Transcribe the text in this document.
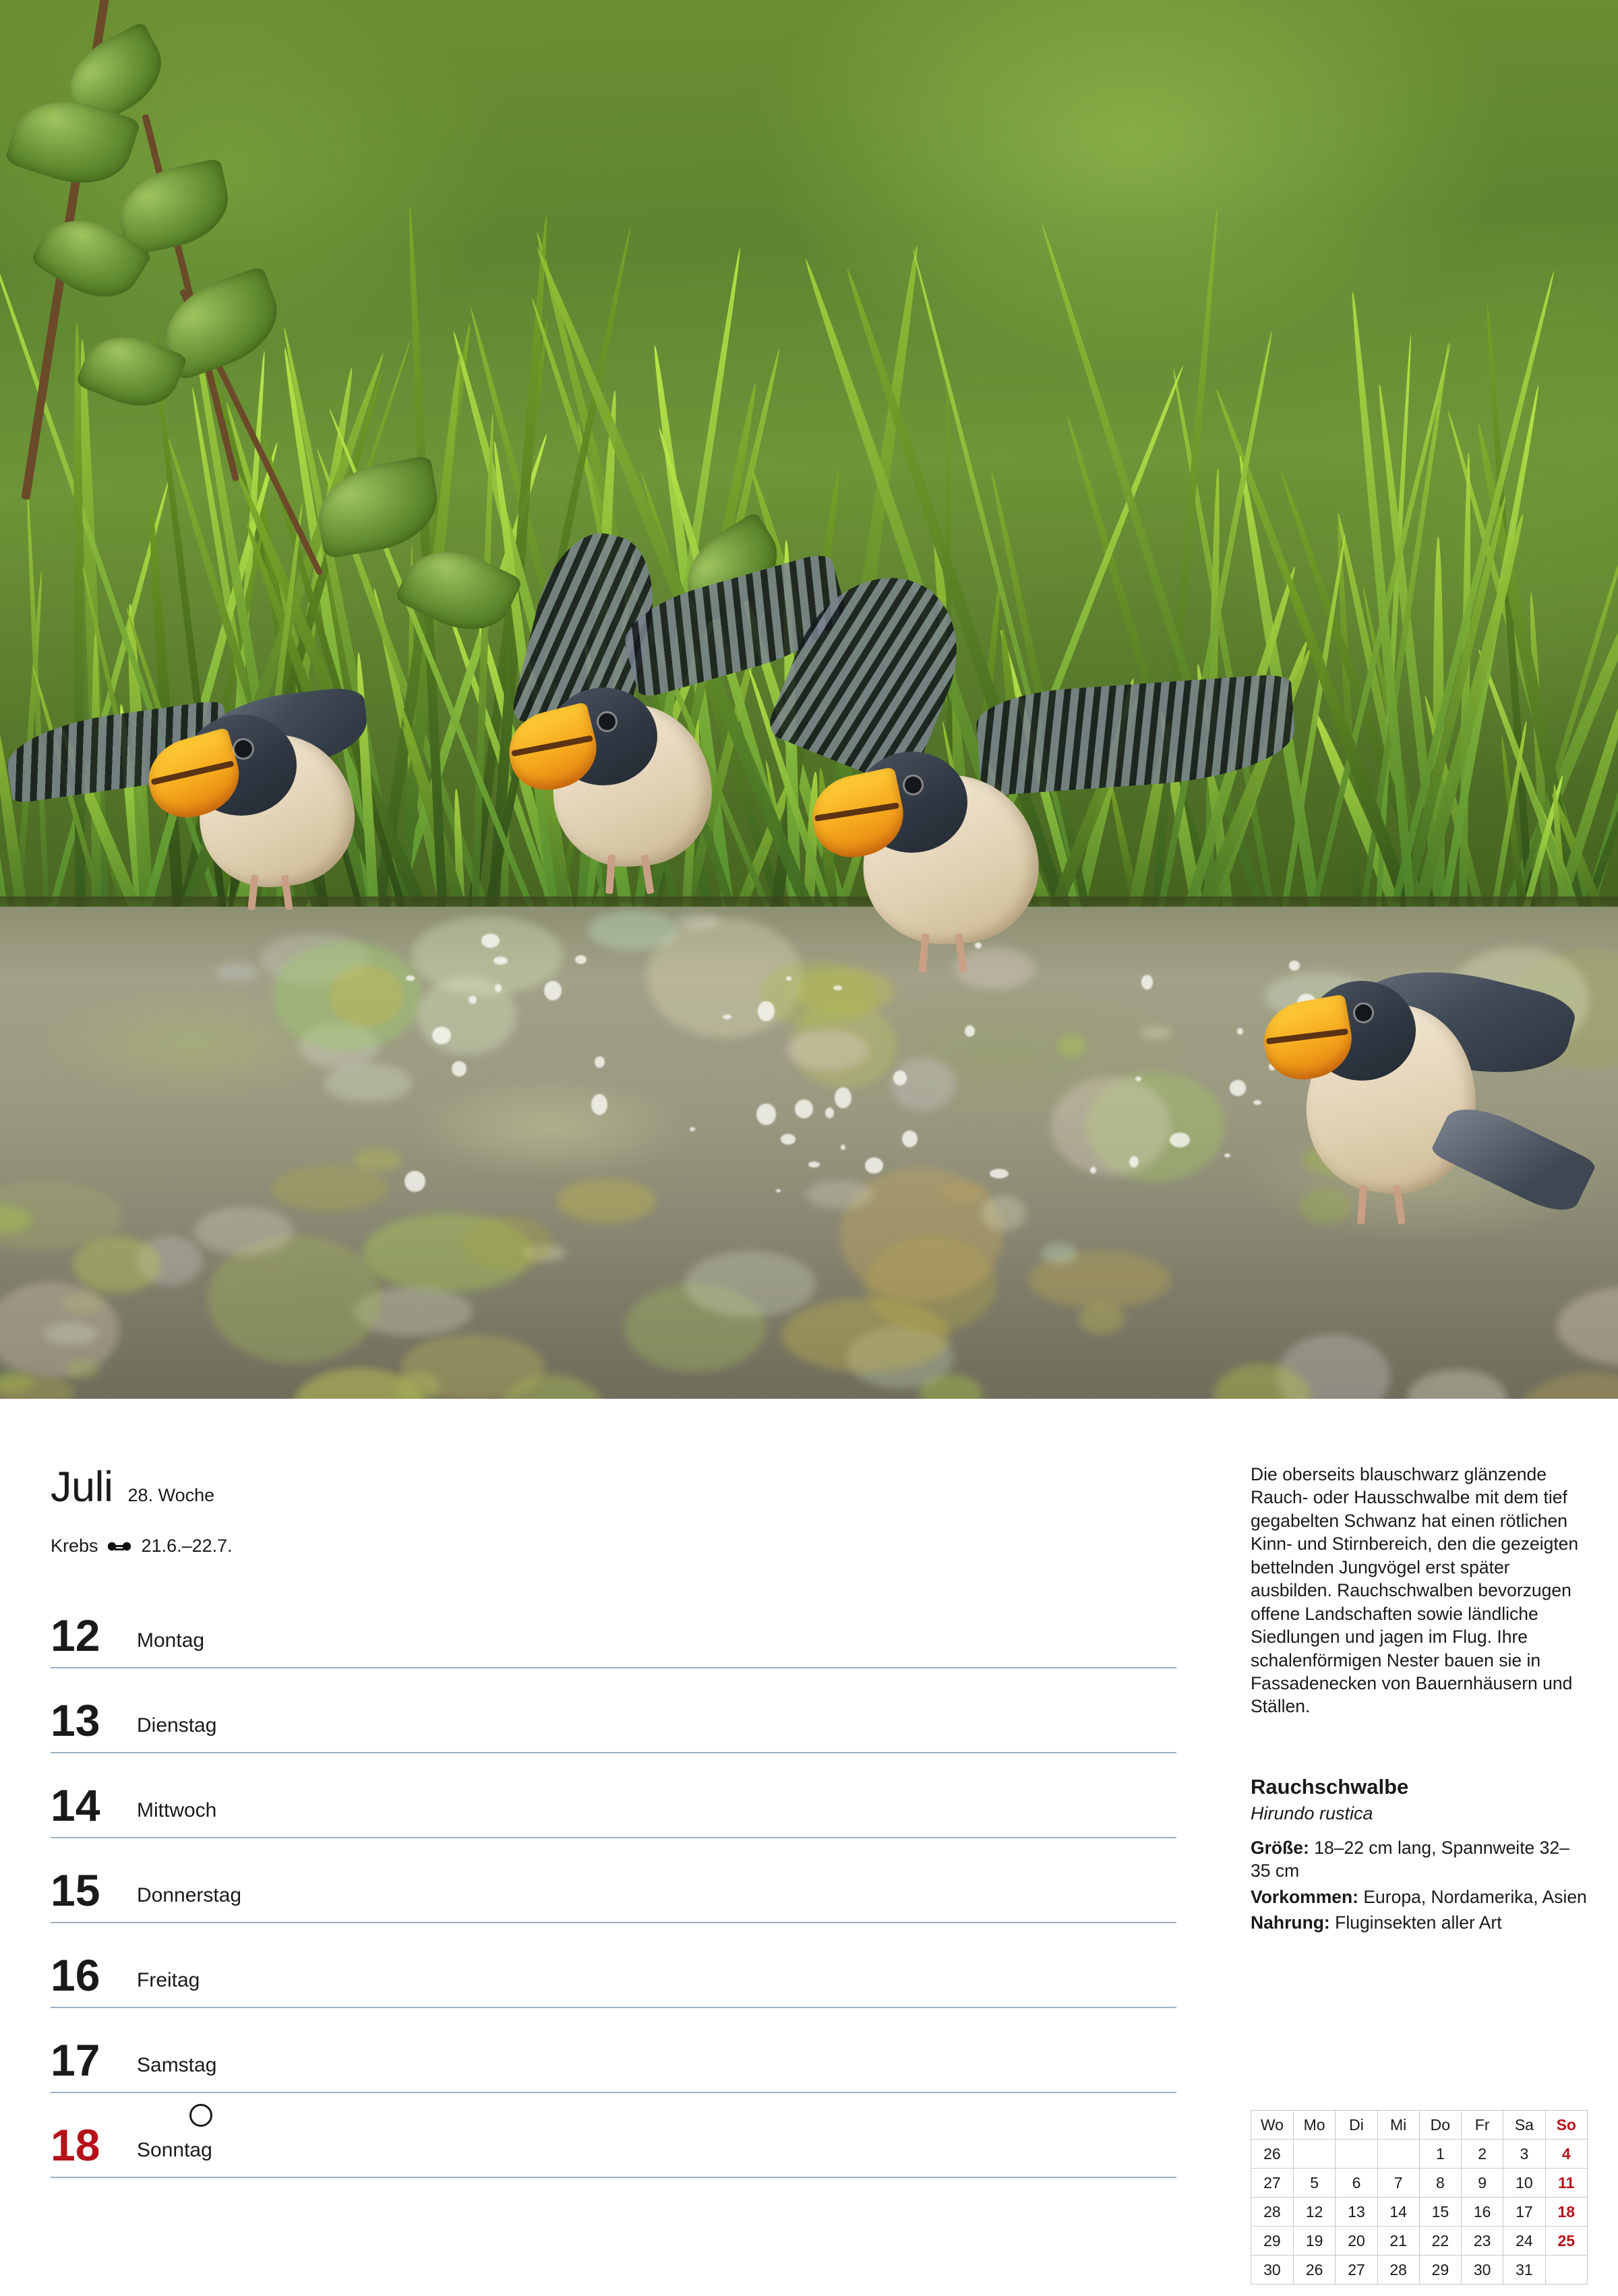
Juli 28. Woche
Krebs 21.6.–22.7.
12 Montag
13 Dienstag
14 Mittwoch
15 Donnerstag
16 Freitag
17 Samstag
18 Sonntag

Die oberseits blauschwarz glänzende Rauch- oder Hausschwalbe mit dem tief gegabelten Schwanz hat einen rötlichen Kinn- und Stirnbereich, den die gezeigten bettelnden Jungvögel erst später ausbilden. Rauchschwalben bevorzugen offene Landschaften sowie ländliche Siedlungen und jagen im Flug. Ihre schalenförmigen Nester bauen sie in Fassadenecken von Bauernhäusern und Ställen.

Rauchschwalbe
Hirundo rustica
Größe: 18–22 cm lang, Spannweite 32–35 cm
Vorkommen: Europa, Nordamerika, Asien
Nahrung: Fluginsekten aller Art
Wo	Mo	Di	Mi	Do	Fr	Sa	So
26				1	2	3	4
27	5	6	7	8	9	10	11
28	12	13	14	15	16	17	18
29	19	20	21	22	23	24	25
30	26	27	28	29	30	31	
